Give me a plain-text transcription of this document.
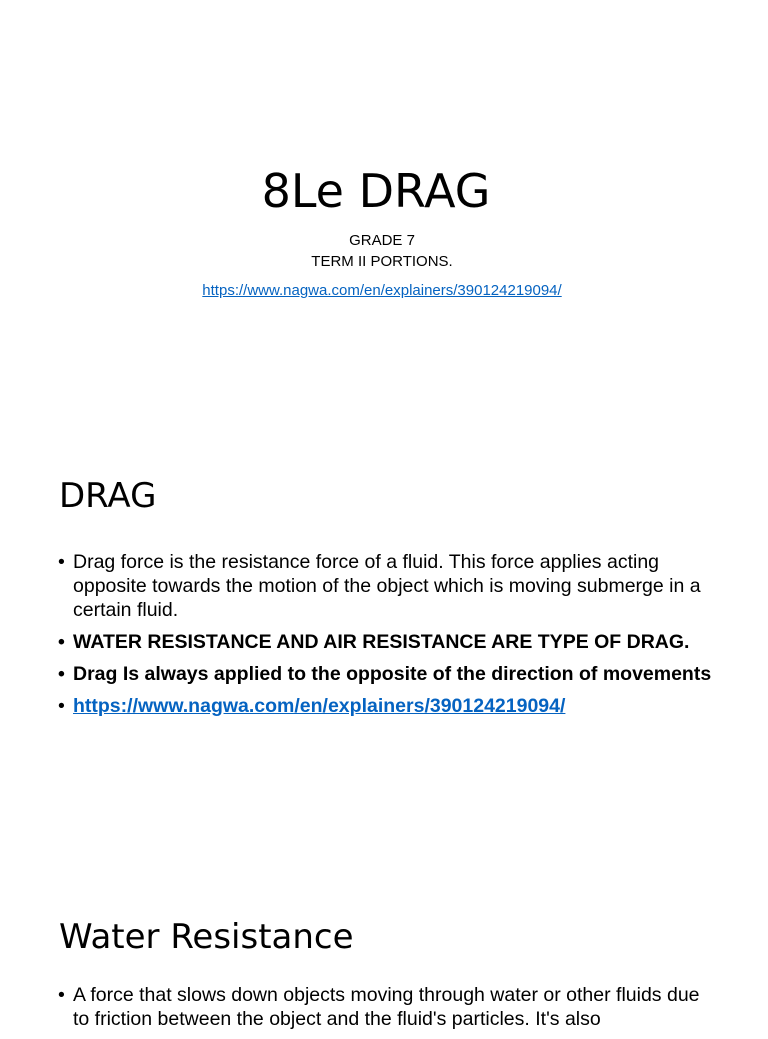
8Le DRAG
GRADE 7
TERM II PORTIONS.
https://www.nagwa.com/en/explainers/390124219094/
DRAG
• Drag force is the resistance force of a fluid. This force applies acting opposite towards the motion of the object which is moving submerge in a certain fluid.
• WATER RESISTANCE AND AIR RESISTANCE ARE TYPE OF DRAG.
• Drag Is always applied to the opposite of the direction of movements
• https://www.nagwa.com/en/explainers/390124219094/
Water Resistance
• A force that slows down objects moving through water or other fluids due to friction between the object and the fluid's particles. It's also
